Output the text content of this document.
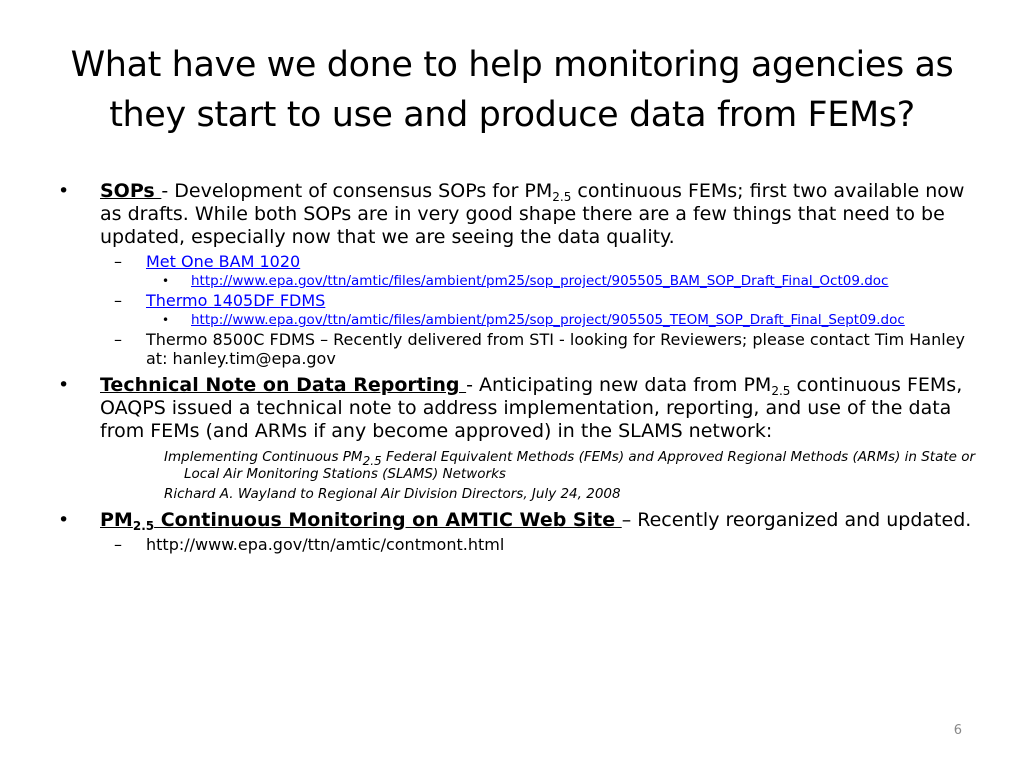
What have we done to help monitoring agencies as they start to use and produce data from FEMs?
• SOPs - Development of consensus SOPs for $PM_{2.5}$ continuous FEMs; first two available now as drafts. While both SOPs are in very good shape there are a few things that need to be updated, especially now that we are seeing the data quality.
– Met One BAM 1020
• http://www.epa.gov/ttn/amtic/files/ambient/pm25/sop_project/905505_BAM_SOP_Draft_Final_Oct09.doc
– Thermo 1405DF FDMS
• http://www.epa.gov/ttn/amtic/files/ambient/pm25/sop_project/905505_TEOM_SOP_Draft_Final_Sept09.doc
– Thermo 8500C FDMS – Recently delivered from STI - looking for Reviewers; please contact Tim Hanley at: hanley.tim@epa.gov
• Technical Note on Data Reporting - Anticipating new data from $PM_{2.5}$ continuous FEMs, OAQPS issued a technical note to address implementation, reporting, and use of the data from FEMs (and ARMs if any become approved) in the SLAMS network:
Implementing Continuous $PM_{2.5}$ Federal Equivalent Methods (FEMs) and Approved Regional Methods (ARMs) in State or Local Air Monitoring Stations (SLAMS) Networks
Richard A. Wayland to Regional Air Division Directors, July 24, 2008
• $PM_{2.5}$ Continuous Monitoring on AMTIC Web Site – Recently reorganized and updated.
– http://www.epa.gov/ttn/amtic/contmont.html
6
